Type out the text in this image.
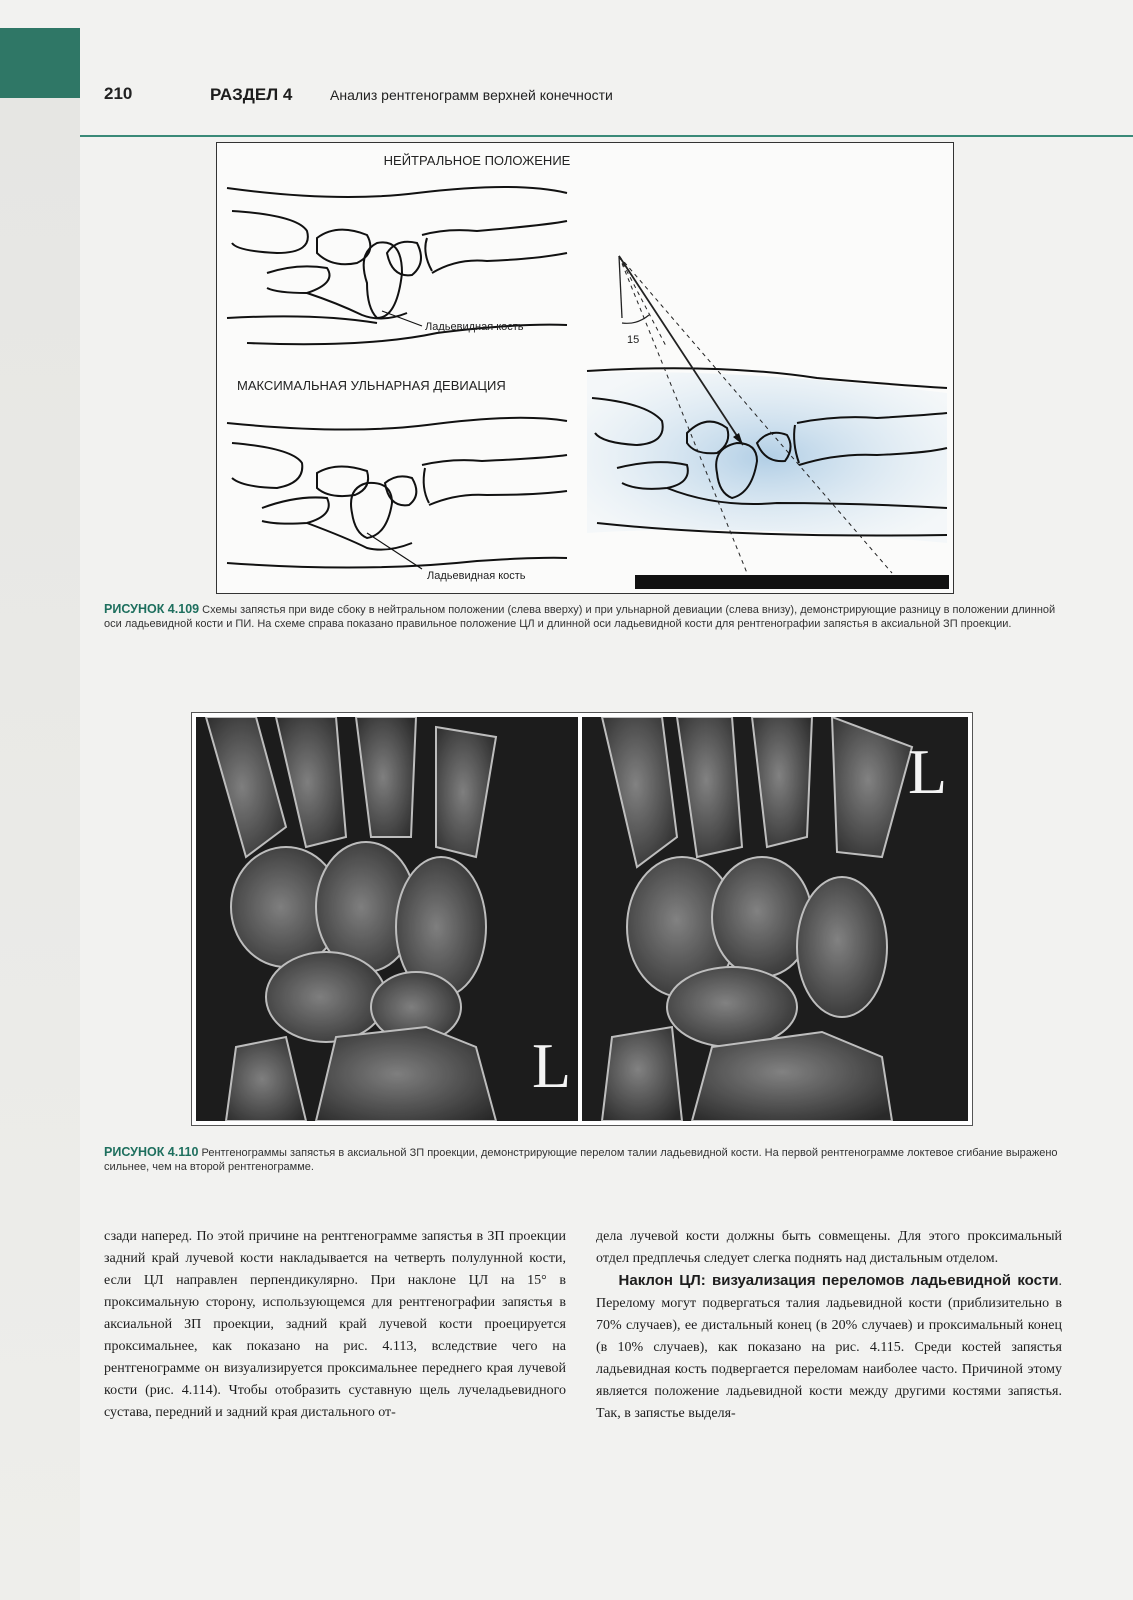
210	РАЗДЕЛ 4	Анализ рентгенограмм верхней конечности
НЕЙТРАЛЬНОЕ ПОЛОЖЕНИЕ
Ладьевидная кость
МАКСИМАЛЬНАЯ УЛЬНАРНАЯ ДЕВИАЦИЯ
Ладьевидная кость
15
РИСУНОК 4.109 Схемы запястья при виде сбоку в нейтральном положении (слева вверху) и при ульнарной девиации (слева внизу), демонстрирующие разницу в положении длинной оси ладьевидной кости и ПИ. На схеме справа показано правильное положение ЦЛ и длинной оси ладьевидной кости для рентгенографии запястья в аксиальной ЗП проекции.
L
L
РИСУНОК 4.110 Рентгенограммы запястья в аксиальной ЗП проекции, демонстрирующие перелом талии ладьевидной кости. На первой рентгенограмме локтевое сгибание выражено сильнее, чем на второй рентгенограмме.
сзади наперед. По этой причине на рентгенограмме запястья в ЗП проекции задний край лучевой кости накладывается на четверть полулунной кости, если ЦЛ направлен перпендикулярно. При наклоне ЦЛ на 15° в проксимальную сторону, использующемся для рентгенографии запястья в аксиальной ЗП проекции, задний край лучевой кости проецируется проксимальнее, как показано на рис. 4.113, вследствие чего на рентгенограмме он визуализируется проксимальнее переднего края лучевой кости (рис. 4.114). Чтобы отобразить суставную щель лучеладьевидного сустава, передний и задний края дистального от-
дела лучевой кости должны быть совмещены. Для этого проксимальный отдел предплечья следует слегка поднять над дистальным отделом.
Наклон ЦЛ: визуализация переломов ладьевидной кости. Перелому могут подвергаться талия ладьевидной кости (приблизительно в 70% случаев), ее дистальный конец (в 20% случаев) и проксимальный конец (в 10% случаев), как показано на рис. 4.115. Среди костей запястья ладьевидная кость подвергается переломам наиболее часто. Причиной этому является положение ладьевидной кости между другими костями запястья. Так, в запястье выделя-
